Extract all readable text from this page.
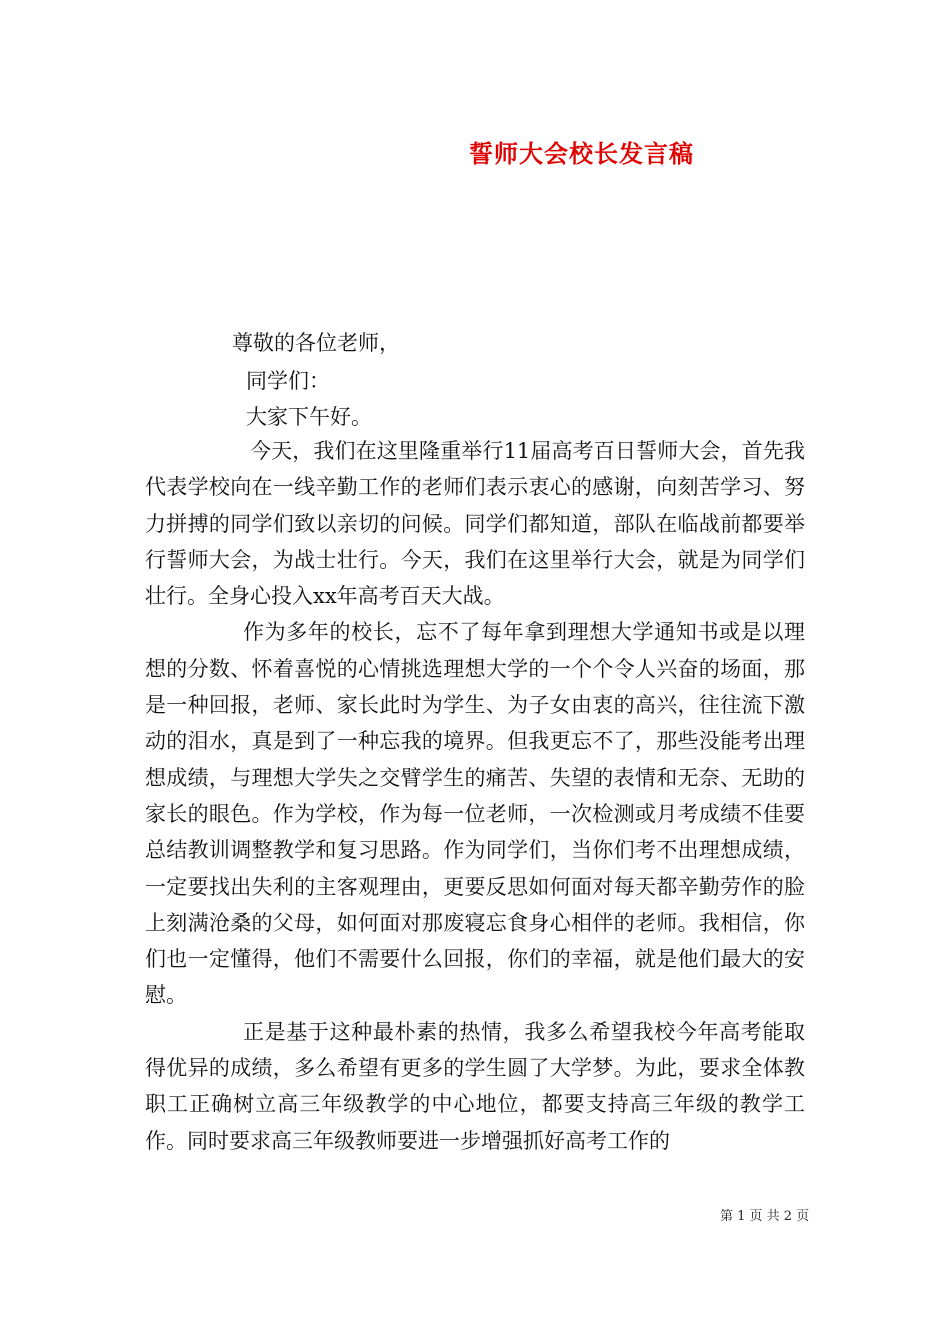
誓师大会校长发言稿

尊敬的各位老师，

同学们：

大家下午好。

今天，我们在这里隆重举行11届高考百日誓师大会，首先我代表学校向在一线辛勤工作的老师们表示衷心的感谢，向刻苦学习、努力拼搏的同学们致以亲切的问候。同学们都知道，部队在临战前都要举行誓师大会，为战士壮行。今天，我们在这里举行大会，就是为同学们壮行。全身心投入xx年高考百天大战。

作为多年的校长，忘不了每年拿到理想大学通知书或是以理想的分数、怀着喜悦的心情挑选理想大学的一个个令人兴奋的场面，那是一种回报，老师、家长此时为学生、为子女由衷的高兴，往往流下激动的泪水，真是到了一种忘我的境界。但我更忘不了，那些没能考出理想成绩，与理想大学失之交臂学生的痛苦、失望的表情和无奈、无助的家长的眼色。作为学校，作为每一位老师，一次检测或月考成绩不佳要总结教训调整教学和复习思路。作为同学们，当你们考不出理想成绩，一定要找出失利的主客观理由，更要反思如何面对每天都辛勤劳作的脸上刻满沧桑的父母，如何面对那废寝忘食身心相伴的老师。我相信，你们也一定懂得，他们不需要什么回报，你们的幸福，就是他们最大的安慰。

正是基于这种最朴素的热情，我多么希望我校今年高考能取得优异的成绩，多么希望有更多的学生圆了大学梦。为此，要求全体教职工正确树立高三年级教学的中心地位，都要支持高三年级的教学工作。同时要求高三年级教师要进一步增强抓好高考工作的

第 1 页 共 2 页
